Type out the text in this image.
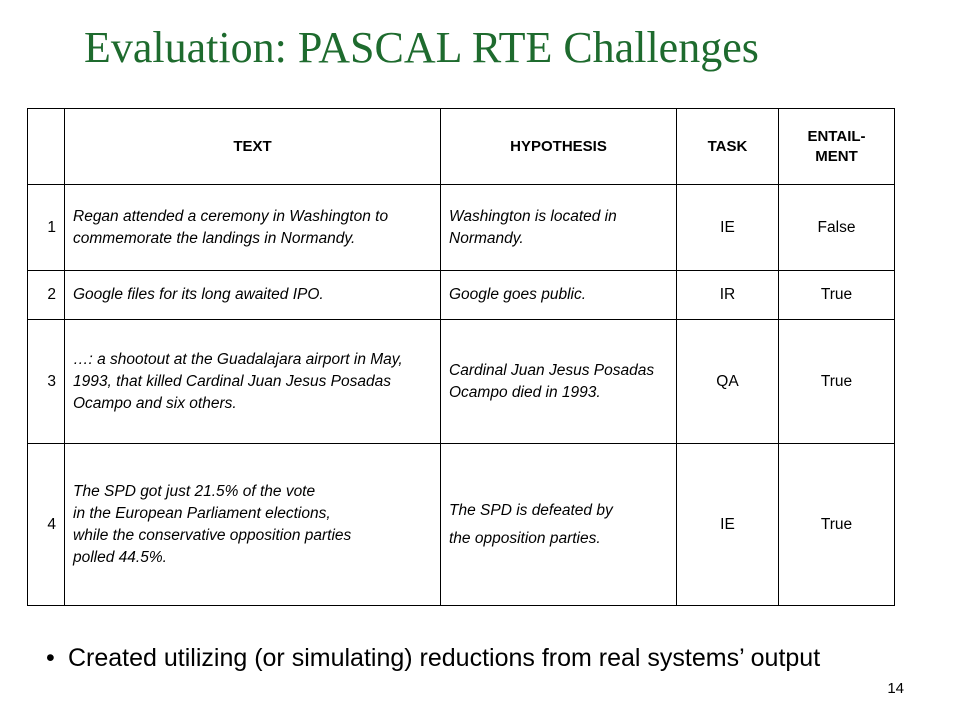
Evaluation: PASCAL RTE Challenges
	TEXT	HYPOTHESIS	TASK	ENTAIL-
MENT
1	Regan attended a ceremony in Washington to commemorate the landings in Normandy.	Washington is located in Normandy.	IE	False
2	Google files for its long awaited IPO.	Google goes public.	IR	True
3	…: a shootout at the Guadalajara airport in May, 1993, that killed Cardinal Juan Jesus Posadas Ocampo and six others.	Cardinal Juan Jesus Posadas Ocampo died in 1993.	QA	True
4	The SPD got just 21.5% of the vote
in the European Parliament elections,
while the conservative opposition parties
polled 44.5%.	The SPD is defeated by
the opposition parties.	IE	True
• Created utilizing (or simulating) reductions from real systems’ output
14
